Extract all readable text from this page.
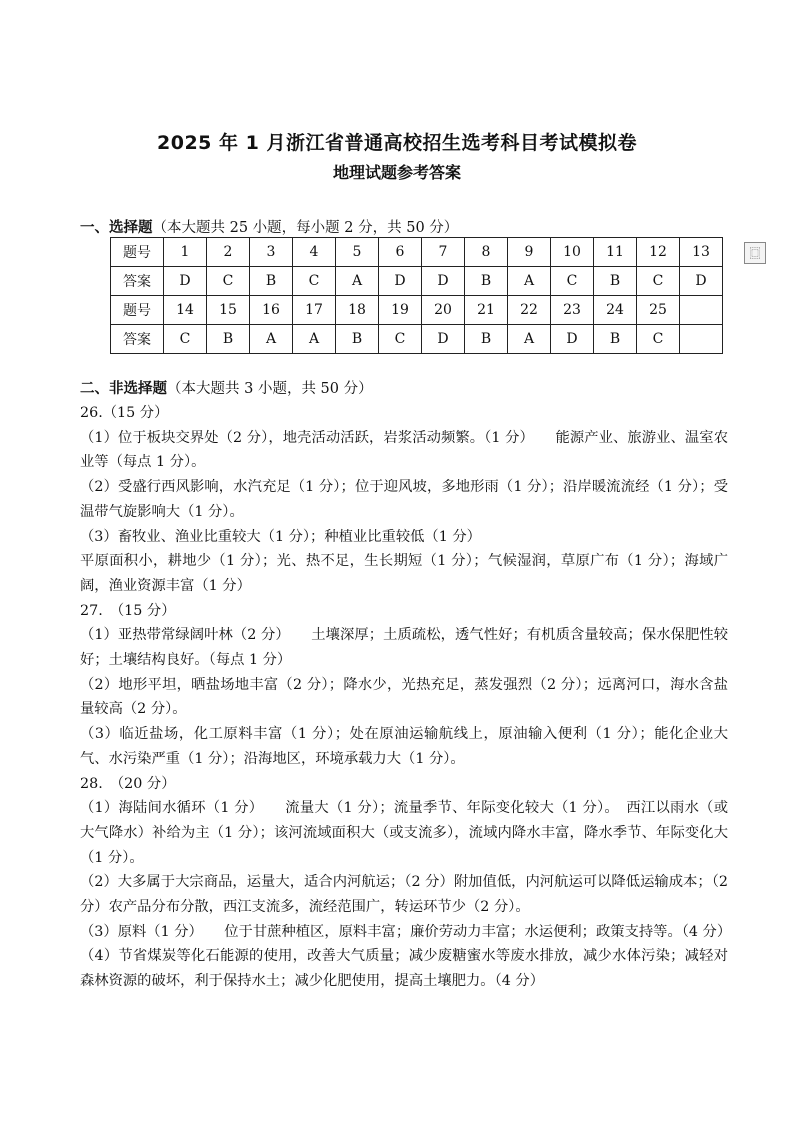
2025 年 1 月浙江省普通高校招生选考科目考试模拟卷
地理试题参考答案
一、选择题（本大题共 25 小题，每小题 2 分，共 50 分）
题号	1	2	3	4	5	6	7	8	9	10	11	12	13
答案	D	C	B	C	A	D	D	B	A	C	B	C	D
题号	14	15	16	17	18	19	20	21	22	23	24	25	
答案	C	B	A	A	B	C	D	B	A	D	B	C	
⿴
二、非选择题（本大题共 3 小题，共 50 分）

26.（15 分）

（1）位于板块交界处（2 分），地壳活动活跃，岩浆活动频繁。（1 分）　　能源产业、旅游业、温室农业等（每点 1 分）。

（2）受盛行西风影响，水汽充足（1 分）；位于迎风坡，多地形雨（1 分）；沿岸暖流流经（1 分）；受温带气旋影响大（1 分）。

（3）畜牧业、渔业比重较大（1 分）；种植业比重较低（1 分）

平原面积小，耕地少（1 分）；光、热不足，生长期短（1 分）；气候湿润，草原广布（1 分）；海域广阔，渔业资源丰富（1 分）

27.　（15 分）

（1）亚热带常绿阔叶林（2 分）　　土壤深厚；土质疏松，透气性好；有机质含量较高；保水保肥性较好；土壤结构良好。（每点 1 分）

（2）地形平坦，晒盐场地丰富（2 分）；降水少，光热充足，蒸发强烈（2 分）；远离河口，海水含盐量较高（2 分）。

（3）临近盐场，化工原料丰富（1 分）；处在原油运输航线上，原油输入便利（1 分）；能化企业大气、水污染严重（1 分）；沿海地区，环境承载力大（1 分）。

28.　（20 分）

（1）海陆间水循环（1 分）　　流量大（1 分）；流量季节、年际变化较大（1 分）。　西江以雨水（或大气降水）补给为主（1 分）；该河流域面积大（或支流多），流域内降水丰富，降水季节、年际变化大（1 分）。

（2）大多属于大宗商品，运量大，适合内河航运；（2 分）附加值低，内河航运可以降低运输成本；（2 分）农产品分布分散，西江支流多，流经范围广，转运环节少（2 分）。

（3）原料（1 分）　　位于甘蔗种植区，原料丰富；廉价劳动力丰富；水运便利；政策支持等。（4 分）

（4）节省煤炭等化石能源的使用，改善大气质量；减少废糖蜜水等废水排放，减少水体污染；减轻对森林资源的破坏，利于保持水土；减少化肥使用，提高土壤肥力。（4 分）
